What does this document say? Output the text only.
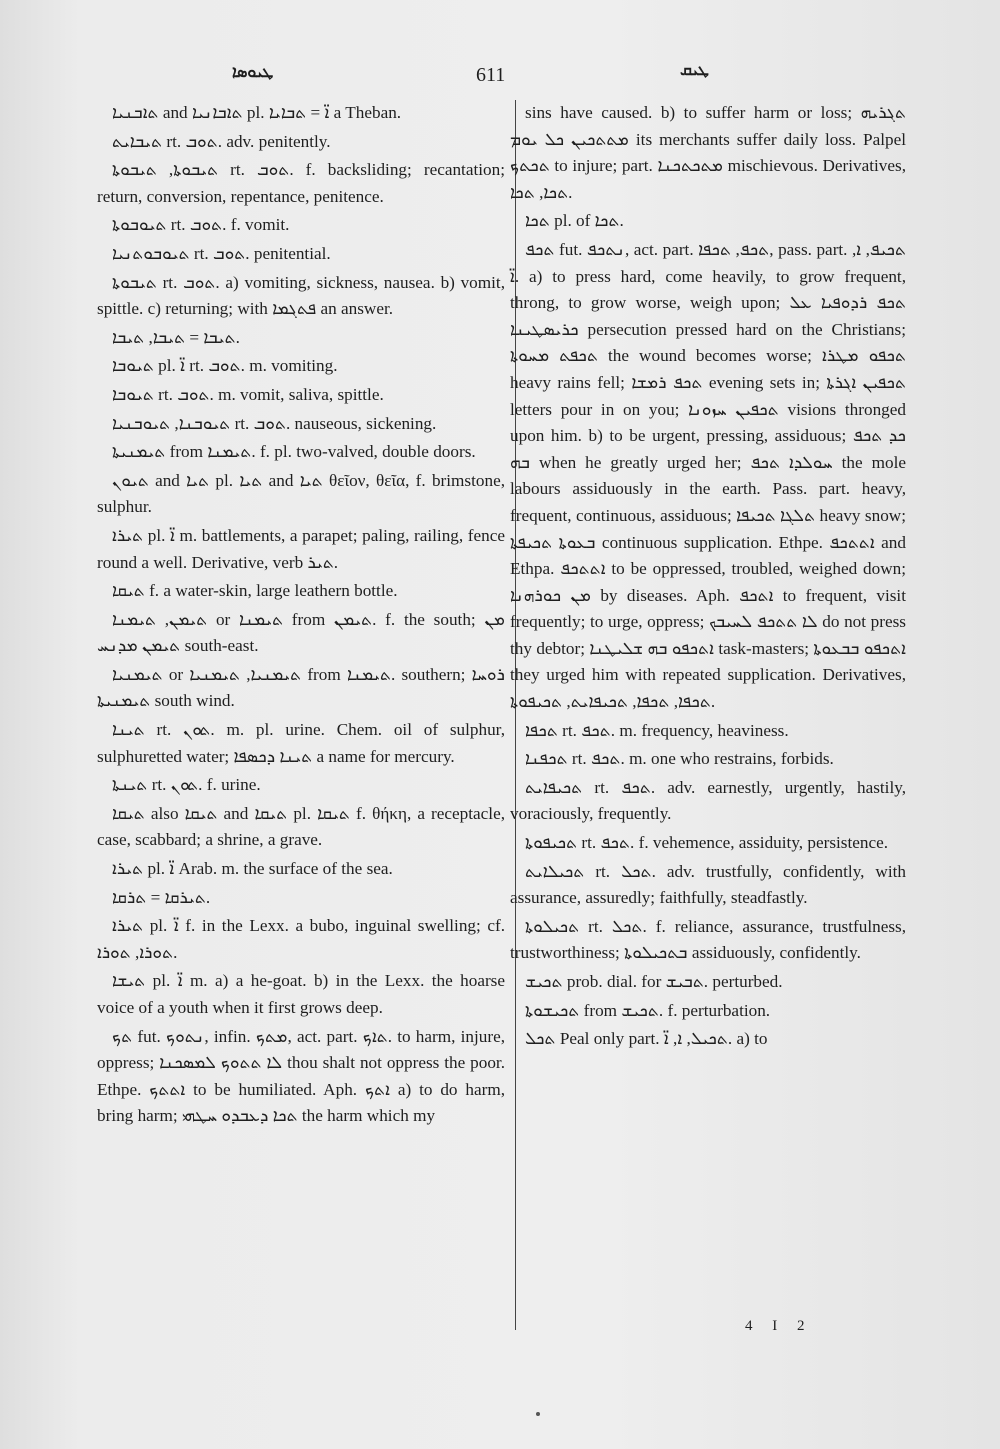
ܛܝܘܣܐ	611	ܛܝܩ

ܬܐܒܢܝܐ and ܬܐܒܐܢܝܐ pl. ܐ̈ = ܬܒܐܝܐ a Theban.

ܬܝܒܐܝܬ rt. ܬܘܒ. adv. penitently.

ܬܝܒܘܬܐ, ܬܝܒܘܬܐ rt. ܬܘܒ. f. backsliding; recantation; return, conversion, repentance, penitence.

ܬܝܘܒܘܬܐ rt. ܬܘܒ. f. vomit.

ܬܝܘܒܘܬܢܝܐ rt. ܬܘܒ. penitential.

ܬܝܒܘܬܐ rt. ܬܘܒ. a) vomiting, sickness, nausea. b) vomit, spittle. c) returning; with ܦܬܓܡܐ an answer.

ܬܝܒܐ = ܬܝܒܐ, ܬܝܒܐ.

ܬܝܘܒܐ pl. ܐ̈ rt. ܬܘܒ. m. vomiting.

ܬܝܘܒܐ rt. ܬܘܒ. m. vomit, saliva, spittle.

ܬܝܘܒܢܐ, ܬܝܘܒܢܝܐ rt. ܬܘܒ. nauseous, sickening.

ܬܝܡܢܝܬܐ from ܬܝܡܢܐ. f. pl. two-valved, double doors.

ܬܝܘܢ and ܬܝܐ pl. ܬܝܐ and ܬܝܐ θεῖον, θεῖα, f. brimstone, sulphur.

ܬܝܪܐ pl. ܐ̈ m. battlements, a parapet; paling, railing, fence round a well. Derivative, verb ܬܝܪ.

ܬܝܩܐ f. a water-skin, large leathern bottle.

ܬܝܡܢ, ܬܝܡܢܐ or ܬܝܡܢܐ from ܬܝܡܢ. f. the south; ܡܢ ܬܝܡܢ ܡܕܢܚ south-east.

ܬܝܡܢܝܐ or ܬܝܡܢܝܐ, ܬܝܡܢܝܐ from ܬܝܡܢܐ. southern; ܪܘܚܐ ܬܝܡܢܝܬܐ south wind.

ܬܝܢܐ rt. ܬܘܢ. m. pl. urine. Chem. oil of sulphur, sulphuretted water; ܬܝܢܐ ܕܟܣܦܐ a name for mercury.

ܬܝܢܬܐ rt. ܬܘܢ. f. urine.

ܬܝܩܐ also ܬܝܩܐ and ܬܝܩܐ pl. ܬܝܩܐ f. θήκη, a receptacle, case, scabbard; a shrine, a grave.

ܬܝܪܐ pl. ܐ̈ Arab. m. the surface of the sea.

ܬܝܪܩܐ = ܬܪܩܐ.

ܬܝܪܐ pl. ܐ̈ f. in the Lexx. a bubo, inguinal swelling; cf. ܬܘܪܐ, ܬܘܪܐ.

ܬܝܫܐ pl. ܐ̈ m. a) a he-goat. b) in the Lexx. the hoarse voice of a youth when it first grows deep.

ܬܟ fut. ܢܬܘܟ, infin. ܡܬܟ, act. part. ܬܐܟ. to harm, injure, oppress; ܠܐ ܬܬܘܟ ܠܡܣܟܢܐ thou shalt not oppress the poor. Ethpe. ܐܬܬܟ to be humiliated. Aph. ܐܬܟ a) to do harm, bring harm; ܬܟܐ ܕܥܒܕܘ ܚܛܗܝ the harm which my

sins have caused. b) to suffer harm or loss; ܬܓܪܝܗ ܡܬܬܟܝܢ ܟܠ ܝܘܡ its merchants suffer daily loss. Palpel ܬܟܬܟ to injure; part. ܡܬܟܬܟܢܐ mischievous. Derivatives, ܬܟܐ, ܬܟܐ.

ܬܟܐ pl. of ܬܟܐ.

ܬܟܦ fut. ܢܬܟܦ, act. part. ܬܟܦ, ܬܟܦܐ, pass. part. ܬܟܝܦ, ܐ, ܐ̈. a) to press hard, come heavily, to grow frequent, throng, to grow worse, weigh upon; ܬܟܦ ܪܕܘܦܝܐ ܥܠ ܟܪܝܣܛܝܢܐ persecution pressed hard on the Christians; ܬܟܦܬ ܡܚܘܬܐ the wound becomes worse; ܬܟܦܘ ܡܛܪܐ heavy rains fell; ܬܟܦ ܪܡܫܐ evening sets in; ܬܟܦܝܢ ܐܓܪܬܐ letters pour in on you; ܬܟܦܝܢ ܚܙܘܢܐ visions thronged upon him. b) to be urgent, pressing, assiduous; ܟܕ ܬܟܦ ܒܗ when he greatly urged her; ܚܘܠܕܐ ܬܟܦ the mole labours assiduously in the earth. Pass. part. heavy, frequent, continuous, assiduous; ܬܠܓܐ ܬܟܝܦܐ heavy snow; ܒܥܘܬܐ ܬܟܝܦܬܐ continuous supplication. Ethpe. ܐܬܬܟܦ and Ethpa. ܐܬܬܟܦ to be oppressed, troubled, weighed down; ܡܢ ܟܘܪܗܢܐ by diseases. Aph. ܐܬܟܦ to frequent, visit frequently; to urge, oppress; ܠܐ ܬܬܟܦ ܠܚܝܒܟ do not press thy debtor; ܐܬܟܦܘ ܒܗ ܫܠܝܛܢܐ task-masters; ܐܬܟܦܘ ܒܒܥܘܬܐ they urged him with repeated supplication. Derivatives, ܬܟܦܐ, ܬܟܦܐ, ܬܟܝܦܐܝܬ, ܬܟܝܦܘܬܐ.

ܬܟܦܐ rt. ܬܟܦ. m. frequency, heaviness.

ܬܟܦܢܐ rt. ܬܟܦ. m. one who restrains, forbids.

ܬܟܝܦܐܝܬ rt. ܬܟܦ. adv. earnestly, urgently, hastily, voraciously, frequently.

ܬܟܝܦܘܬܐ rt. ܬܟܦ. f. vehemence, assiduity, persistence.

ܬܟܝܠܐܝܬ rt. ܬܟܠ. adv. trustfully, confidently, with assurance, assuredly; faithfully, steadfastly.

ܬܟܝܠܘܬܐ rt. ܬܟܠ. f. reliance, assurance, trustfulness, trustworthiness; ܒܬܟܝܠܘܬܐ assiduously, confidently.

ܬܟܝܫ prob. dial. for ܬܒܝܫ. perturbed.

ܬܟܝܫܘܬܐ from ܬܟܝܫ. f. perturbation.

ܬܟܠ Peal only part. ܬܟܝܠ, ܐ, ܐ̈. a) to

4 I 2
